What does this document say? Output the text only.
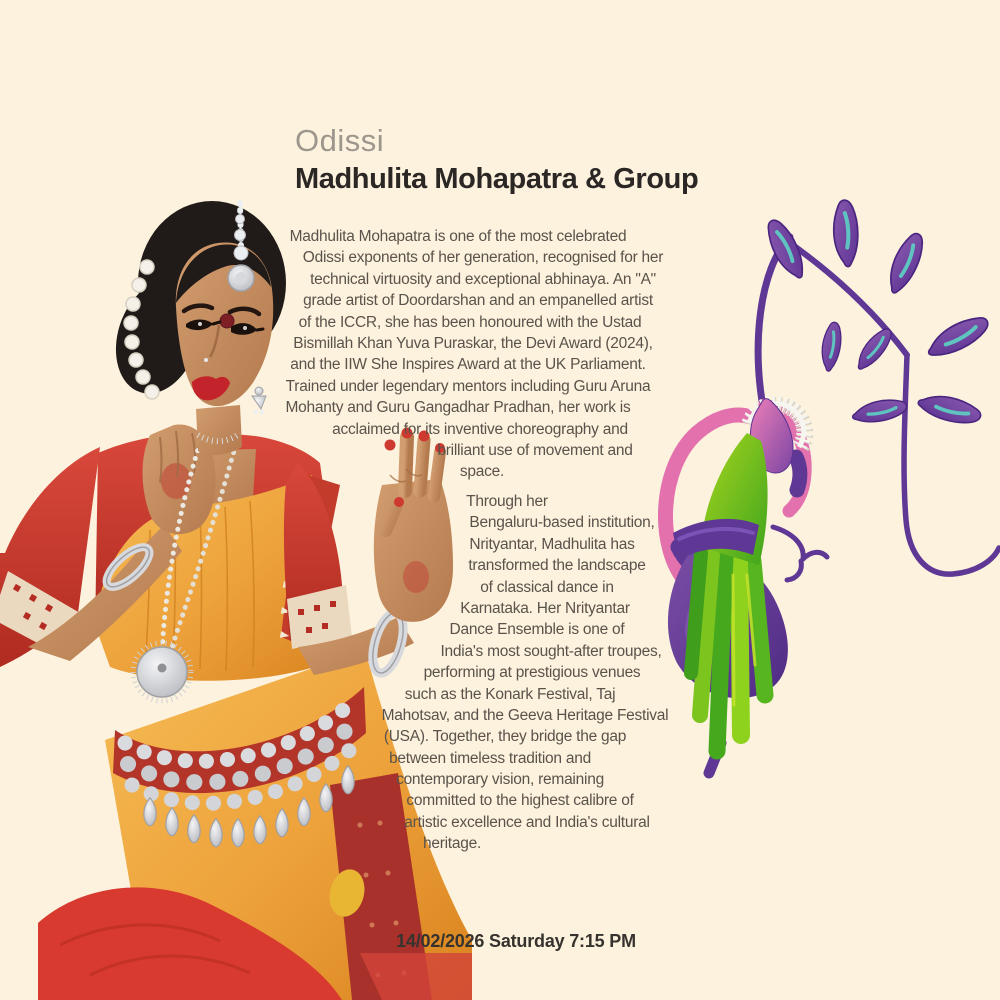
Odissi
Madhulita Mohapatra & Group
Madhulita Mohapatra is one of the most celebrated
Odissi exponents of her generation, recognised for her
technical virtuosity and exceptional abhinaya. An "A"
grade artist of Doordarshan and an empanelled artist
of the ICCR, she has been honoured with the Ustad
Bismillah Khan Yuva Puraskar, the Devi Award (2024),
and the IIW She Inspires Award at the UK Parliament.
Trained under legendary mentors including Guru Aruna
Mohanty and Guru Gangadhar Pradhan, her work is
acclaimed for its inventive choreography and
brilliant use of movement and
space.
Through her
Bengaluru-based institution,
Nrityantar, Madhulita has
transformed the landscape
of classical dance in
Karnataka. Her Nrityantar
Dance Ensemble is one of
India's most sought-after troupes,
performing at prestigious venues
such as the Konark Festival, Taj
Mahotsav, and the Geeva Heritage Festival
(USA). Together, they bridge the gap
between timeless tradition and
contemporary vision, remaining
committed to the highest calibre of
artistic excellence and India's cultural
heritage.
14/02/2026 Saturday 7:15 PM
